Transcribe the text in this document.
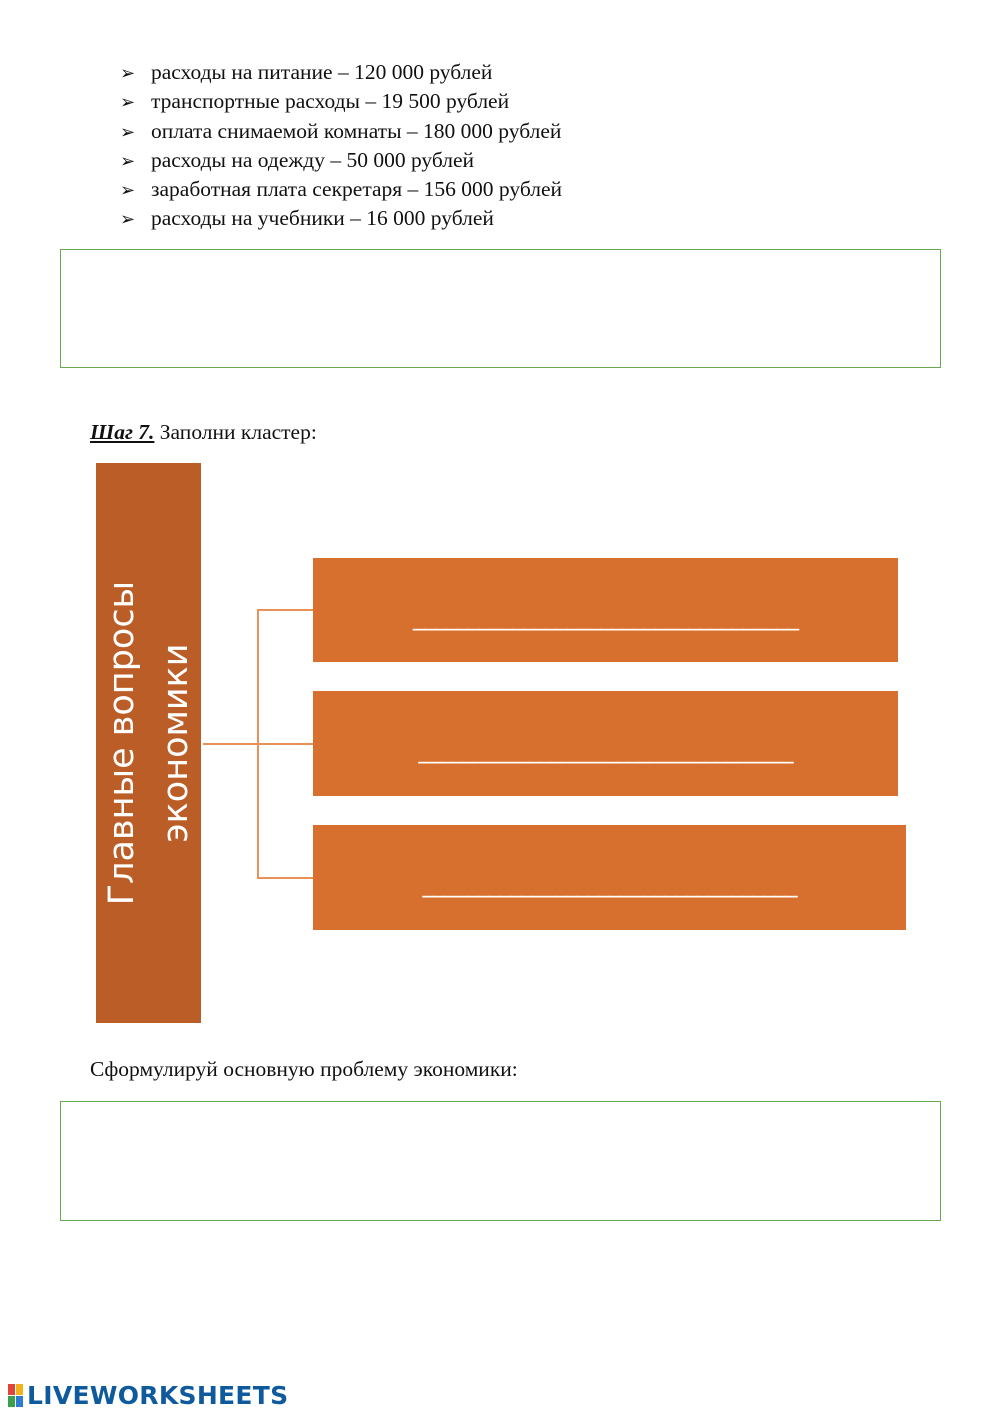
➢ расходы на питание – 120 000 рублей
➢ транспортные расходы – 19 500 рублей
➢ оплата снимаемой комнаты – 180 000 рублей
➢ расходы на одежду – 50 000 рублей
➢ заработная плата секретаря – 156 000 рублей
➢ расходы на учебники – 16 000 рублей
Шаг 7. Заполни кластер:
Главные вопросы экономики
___________________________________
__________________________________
__________________________________
Сформулируй основную проблему экономики:
LIVEWORKSHEETS
